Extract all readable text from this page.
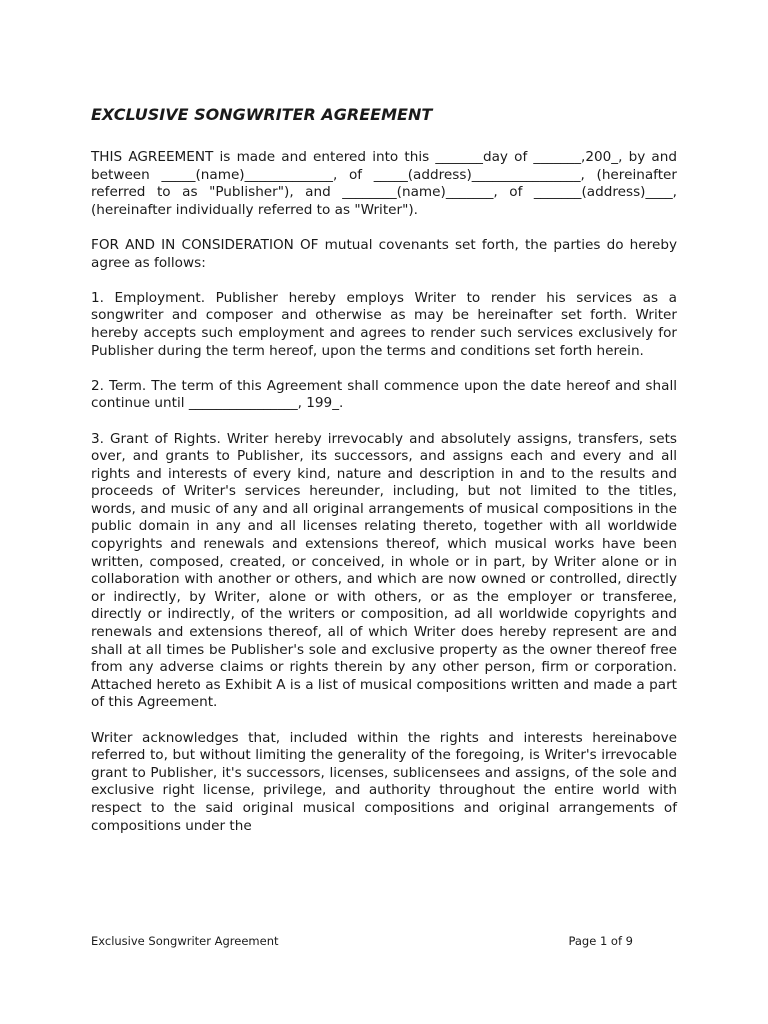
EXCLUSIVE SONGWRITER AGREEMENT

THIS AGREEMENT is made and entered into this _______day of _______,200_, by and between _____(name)_____________, of _____(address)________________, (hereinafter referred to as "Publisher"), and ________(name)_______, of _______(address)____, (hereinafter individually referred to as "Writer").

FOR AND IN CONSIDERATION OF mutual covenants set forth, the parties do hereby agree as follows:

1. Employment. Publisher hereby employs Writer to render his services as a songwriter and composer and otherwise as may be hereinafter set forth. Writer hereby accepts such employment and agrees to render such services exclusively for Publisher during the term hereof, upon the terms and conditions set forth herein.

2. Term. The term of this Agreement shall commence upon the date hereof and shall continue until ________________, 199_.

3. Grant of Rights. Writer hereby irrevocably and absolutely assigns, transfers, sets over, and grants to Publisher, its successors, and assigns each and every and all rights and interests of every kind, nature and description in and to the results and proceeds of Writer's services hereunder, including, but not limited to the titles, words, and music of any and all original arrangements of musical compositions in the public domain in any and all licenses relating thereto, together with all worldwide copyrights and renewals and extensions thereof, which musical works have been written, composed, created, or conceived, in whole or in part, by Writer alone or in collaboration with another or others, and which are now owned or controlled, directly or indirectly, by Writer, alone or with others, or as the employer or transferee, directly or indirectly, of the writers or composition, ad all worldwide copyrights and renewals and extensions thereof, all of which Writer does hereby represent are and shall at all times be Publisher's sole and exclusive property as the owner thereof free from any adverse claims or rights therein by any other person, firm or corporation. Attached hereto as Exhibit A is a list of musical compositions written and made a part of this Agreement.

Writer acknowledges that, included within the rights and interests hereinabove referred to, but without limiting the generality of the foregoing, is Writer's irrevocable grant to Publisher, it's successors, licenses, sublicensees and assigns, of the sole and exclusive right license, privilege, and authority throughout the entire world with respect to the said original musical compositions and original arrangements of compositions under the

Exclusive Songwriter Agreement	Page 1 of 9
